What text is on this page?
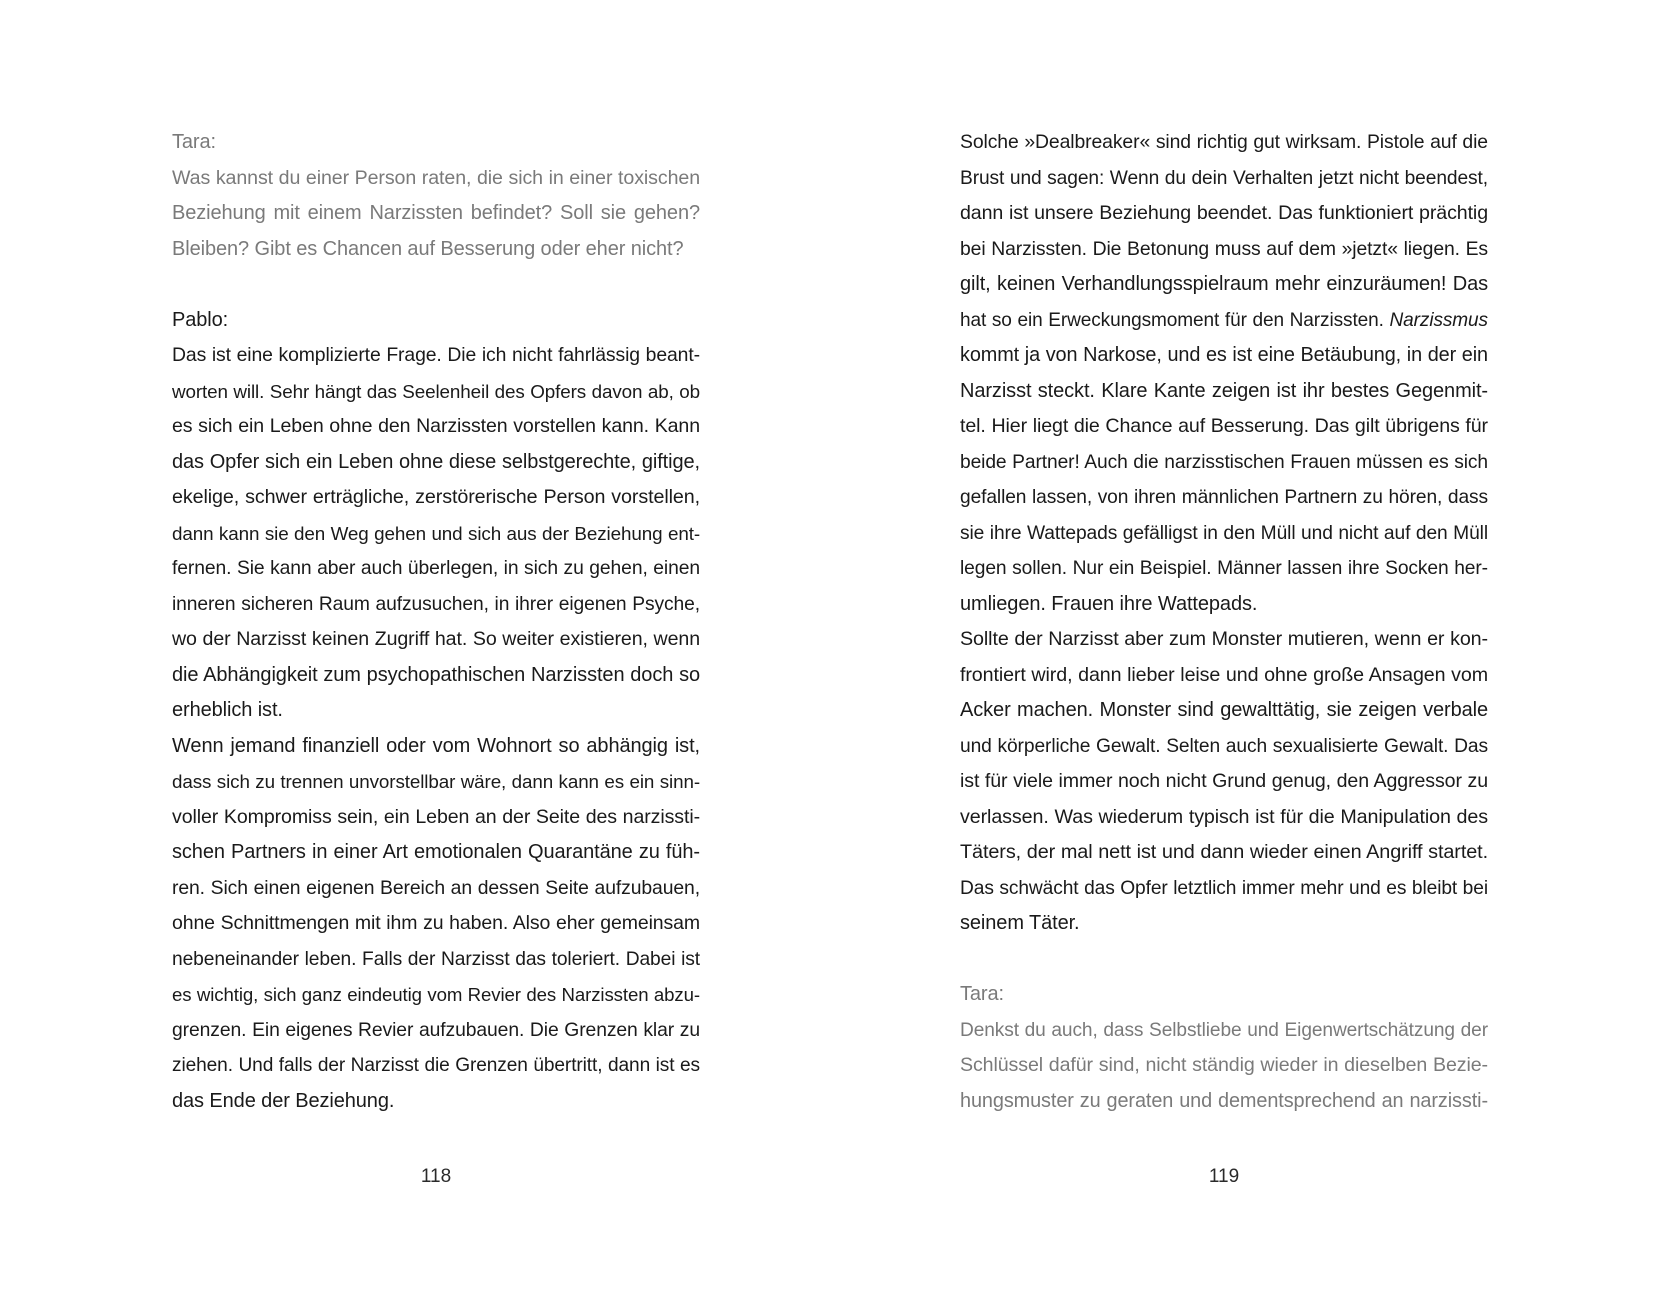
Tara:
Was kannst du einer Person raten, die sich in einer toxischen
Beziehung mit einem Narzissten befindet? Soll sie gehen?
Bleiben? Gibt es Chancen auf Besserung oder eher nicht?
Pablo:
Das ist eine komplizierte Frage. Die ich nicht fahrlässig beant-
worten will. Sehr hängt das Seelenheil des Opfers davon ab, ob
es sich ein Leben ohne den Narzissten vorstellen kann. Kann
das Opfer sich ein Leben ohne diese selbstgerechte, giftige,
ekelige, schwer erträgliche, zerstörerische Person vorstellen,
dann kann sie den Weg gehen und sich aus der Beziehung ent-
fernen. Sie kann aber auch überlegen, in sich zu gehen, einen
inneren sicheren Raum aufzusuchen, in ihrer eigenen Psyche,
wo der Narzisst keinen Zugriff hat. So weiter existieren, wenn
die Abhängigkeit zum psychopathischen Narzissten doch so
erheblich ist.
Wenn jemand finanziell oder vom Wohnort so abhängig ist,
dass sich zu trennen unvorstellbar wäre, dann kann es ein sinn-
voller Kompromiss sein, ein Leben an der Seite des narzissti-
schen Partners in einer Art emotionalen Quarantäne zu füh-
ren. Sich einen eigenen Bereich an dessen Seite aufzubauen,
ohne Schnittmengen mit ihm zu haben. Also eher gemeinsam
nebeneinander leben. Falls der Narzisst das toleriert. Dabei ist
es wichtig, sich ganz eindeutig vom Revier des Narzissten abzu-
grenzen. Ein eigenes Revier aufzubauen. Die Grenzen klar zu
ziehen. Und falls der Narzisst die Grenzen übertritt, dann ist es
das Ende der Beziehung.
118
Solche »Dealbreaker« sind richtig gut wirksam. Pistole auf die
Brust und sagen: Wenn du dein Verhalten jetzt nicht beendest,
dann ist unsere Beziehung beendet. Das funktioniert prächtig
bei Narzissten. Die Betonung muss auf dem »jetzt« liegen. Es
gilt, keinen Verhandlungsspielraum mehr einzuräumen! Das
hat so ein Erweckungsmoment für den Narzissten. Narzissmus
kommt ja von Narkose, und es ist eine Betäubung, in der ein
Narzisst steckt. Klare Kante zeigen ist ihr bestes Gegenmit-
tel. Hier liegt die Chance auf Besserung. Das gilt übrigens für
beide Partner! Auch die narzisstischen Frauen müssen es sich
gefallen lassen, von ihren männlichen Partnern zu hören, dass
sie ihre Wattepads gefälligst in den Müll und nicht auf den Müll
legen sollen. Nur ein Beispiel. Männer lassen ihre Socken her-
umliegen. Frauen ihre Wattepads.
Sollte der Narzisst aber zum Monster mutieren, wenn er kon-
frontiert wird, dann lieber leise und ohne große Ansagen vom
Acker machen. Monster sind gewalttätig, sie zeigen verbale
und körperliche Gewalt. Selten auch sexualisierte Gewalt. Das
ist für viele immer noch nicht Grund genug, den Aggressor zu
verlassen. Was wiederum typisch ist für die Manipulation des
Täters, der mal nett ist und dann wieder einen Angriff startet.
Das schwächt das Opfer letztlich immer mehr und es bleibt bei
seinem Täter.
Tara:
Denkst du auch, dass Selbstliebe und Eigenwertschätzung der
Schlüssel dafür sind, nicht ständig wieder in dieselben Bezie-
hungsmuster zu geraten und dementsprechend an narzissti-
119
